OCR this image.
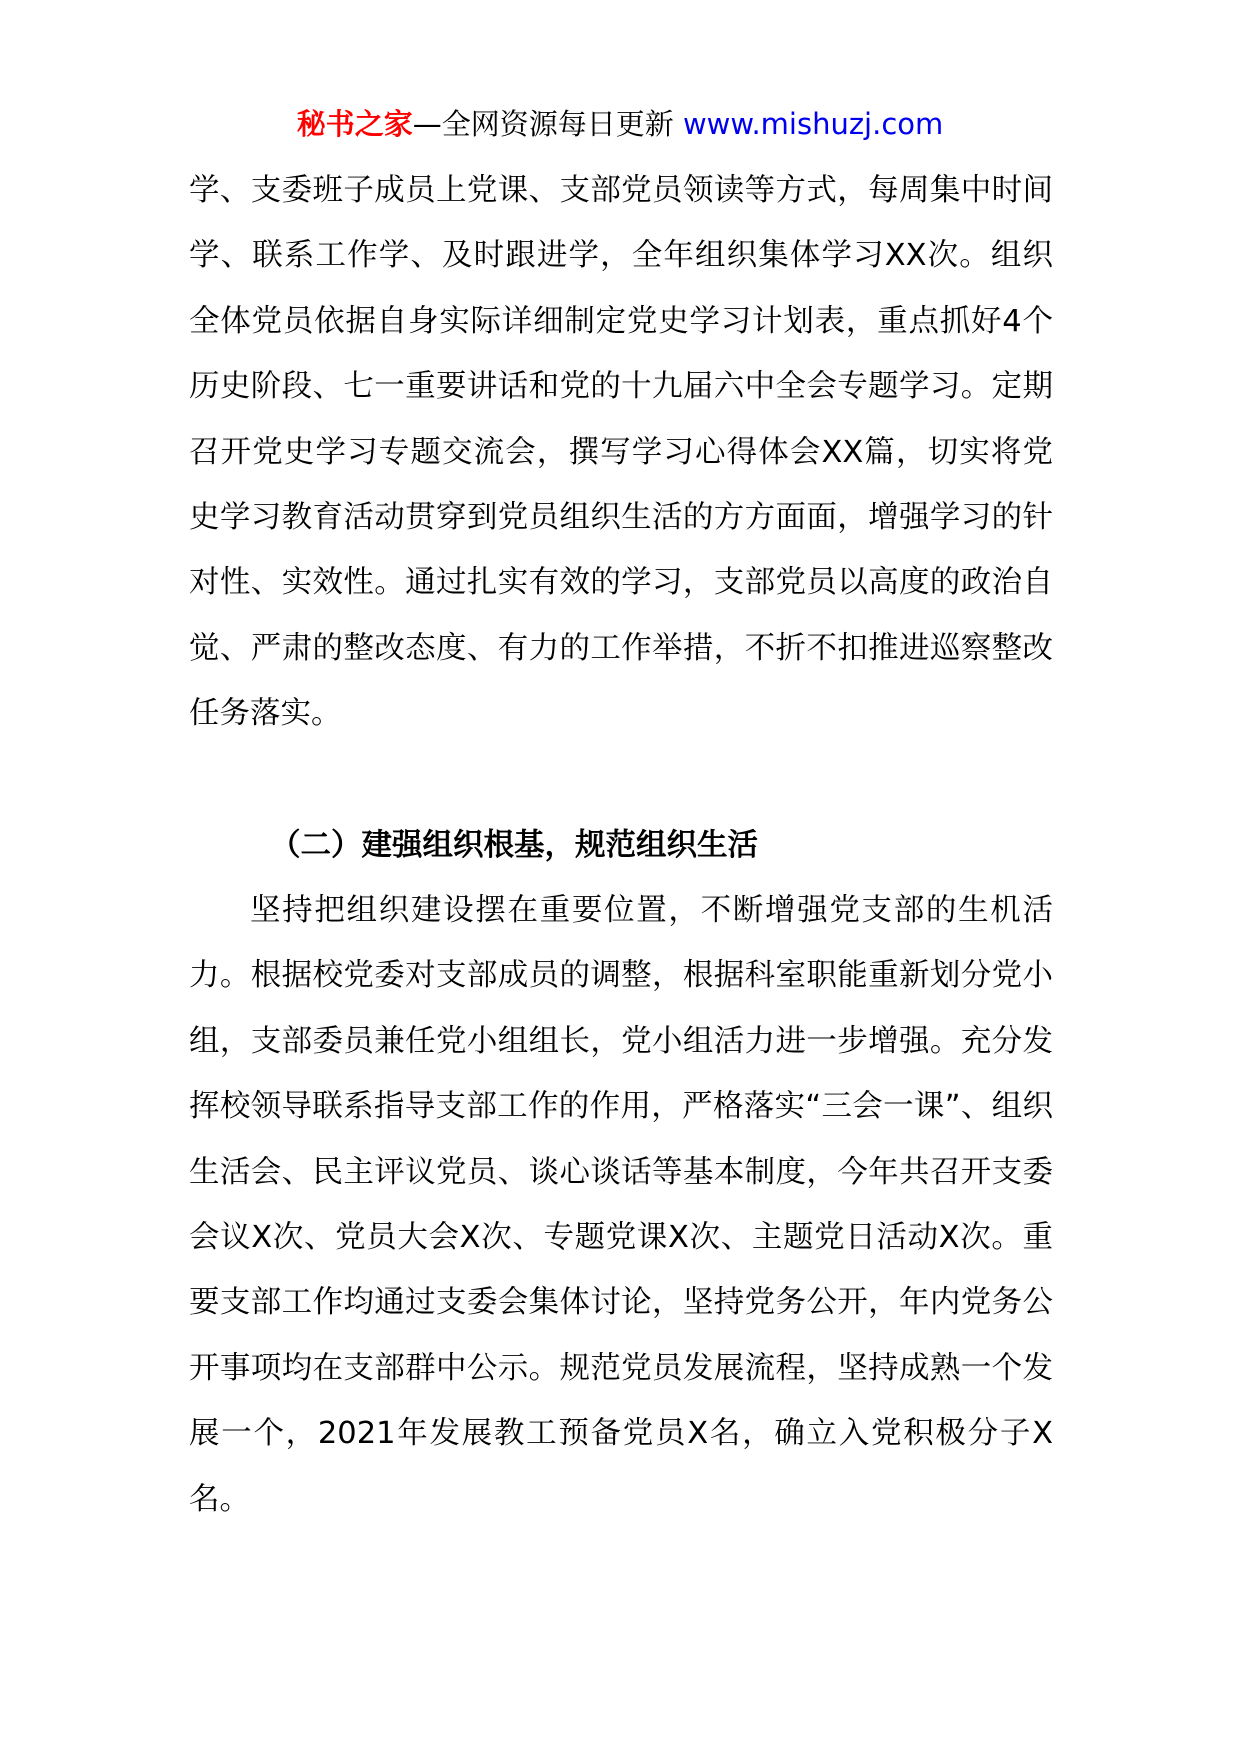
秘书之家—全网资源每日更新 www.mishuzj.com

学、支委班子成员上党课、支部党员领读等方式，每周集中时间学、联系工作学、及时跟进学，全年组织集体学习XX次。组织全体党员依据自身实际详细制定党史学习计划表，重点抓好4个历史阶段、七一重要讲话和党的十九届六中全会专题学习。定期召开党史学习专题交流会，撰写学习心得体会XX篇，切实将党史学习教育活动贯穿到党员组织生活的方方面面，增强学习的针对性、实效性。通过扎实有效的学习，支部党员以高度的政治自觉、严肃的整改态度、有力的工作举措，不折不扣推进巡察整改任务落实。

（二）建强组织根基，规范组织生活

坚持把组织建设摆在重要位置，不断增强党支部的生机活力。根据校党委对支部成员的调整，根据科室职能重新划分党小组，支部委员兼任党小组组长，党小组活力进一步增强。充分发挥校领导联系指导支部工作的作用，严格落实“三会一课”、组织生活会、民主评议党员、谈心谈话等基本制度，今年共召开支委会议X次、党员大会X次、专题党课X次、主题党日活动X次。重要支部工作均通过支委会集体讨论，坚持党务公开，年内党务公开事项均在支部群中公示。规范党员发展流程，坚持成熟一个发展一个，2021年发展教工预备党员X名，确立入党积极分子X名。
